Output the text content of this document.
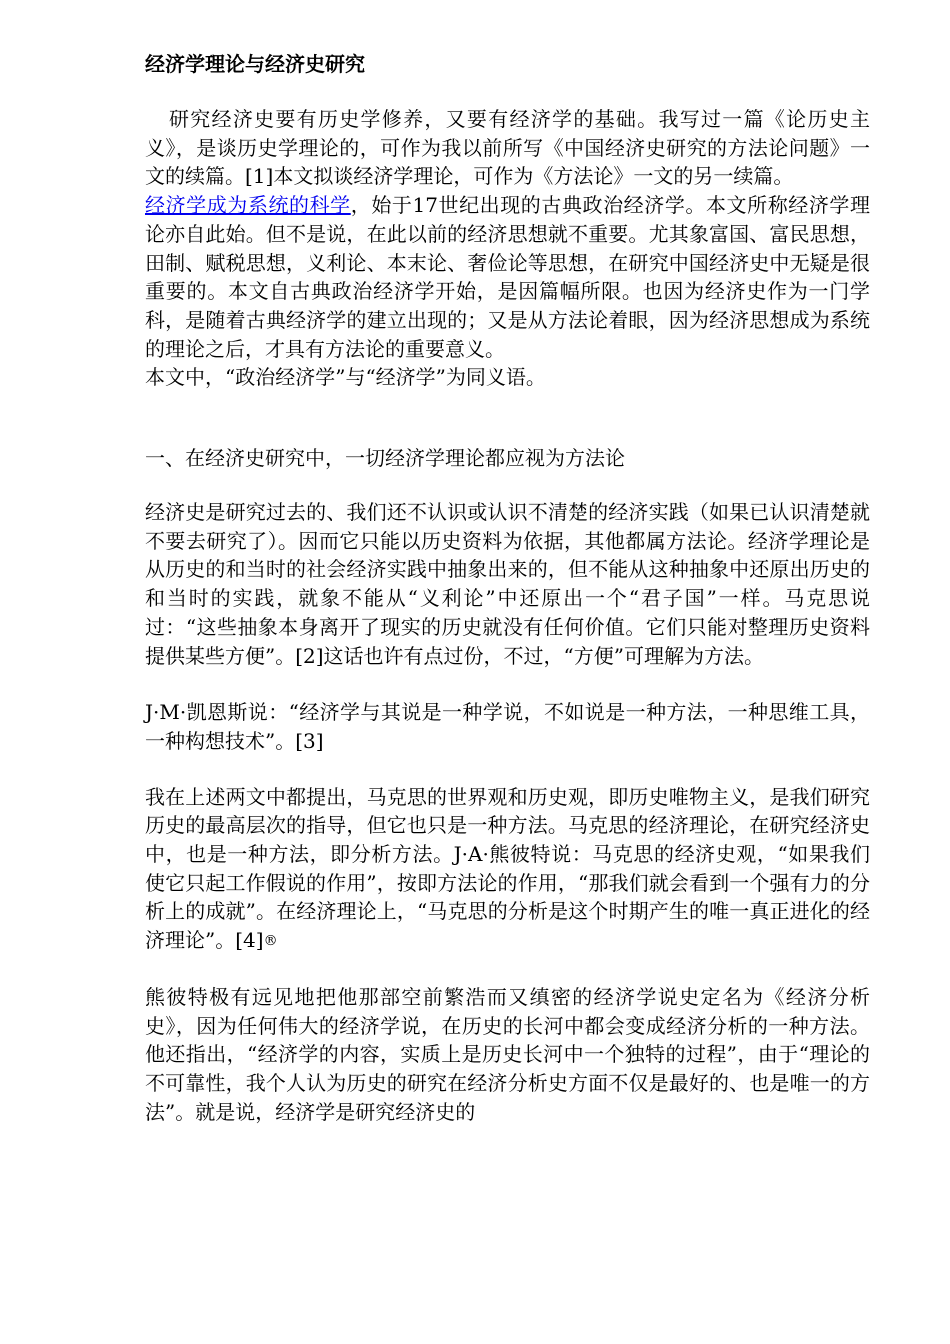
经济学理论与经济史研究

研究经济史要有历史学修养，又要有经济学的基础。我写过一篇《论历史主义》，是谈历史学理论的，可作为我以前所写《中国经济史研究的方法论问题》一文的续篇。[1]本文拟谈经济学理论，可作为《方法论》一文的另一续篇。

经济学成为系统的科学，始于17世纪出现的古典政治经济学。本文所称经济学理论亦自此始。但不是说，在此以前的经济思想就不重要。尤其象富国、富民思想，田制、赋税思想，义利论、本末论、奢俭论等思想，在研究中国经济史中无疑是很重要的。本文自古典政治经济学开始，是因篇幅所限。也因为经济史作为一门学科，是随着古典经济学的建立出现的；又是从方法论着眼，因为经济思想成为系统的理论之后，才具有方法论的重要意义。

本文中，“政治经济学”与“经济学”为同义语。

一、在经济史研究中，一切经济学理论都应视为方法论

经济史是研究过去的、我们还不认识或认识不清楚的经济实践（如果已认识清楚就不要去研究了）。因而它只能以历史资料为依据，其他都属方法论。经济学理论是从历史的和当时的社会经济实践中抽象出来的，但不能从这种抽象中还原出历史的和当时的实践，就象不能从“义利论”中还原出一个“君子国”一样。马克思说过：“这些抽象本身离开了现实的历史就没有任何价值。它们只能对整理历史资料提供某些方便”。[2]这话也许有点过份，不过，“方便”可理解为方法。

J·M·凯恩斯说：“经济学与其说是一种学说，不如说是一种方法，一种思维工具，一种构想技术”。[3]

我在上述两文中都提出，马克思的世界观和历史观，即历史唯物主义，是我们研究历史的最高层次的指导，但它也只是一种方法。马克思的经济理论，在研究经济史中，也是一种方法，即分析方法。J·A·熊彼特说：马克思的经济史观，“如果我们使它只起工作假说的作用”，按即方法论的作用，“那我们就会看到一个强有力的分析上的成就”。在经济理论上，“马克思的分析是这个时期产生的唯一真正进化的经济理论”。[4]®

熊彼特极有远见地把他那部空前繁浩而又缜密的经济学说史定名为《经济分析史》，因为任何伟大的经济学说，在历史的长河中都会变成经济分析的一种方法。他还指出，“经济学的内容，实质上是历史长河中一个独特的过程”，由于“理论的不可靠性，我个人认为历史的研究在经济分析史方面不仅是最好的、也是唯一的方法”。就是说，经济学是研究经济史的
